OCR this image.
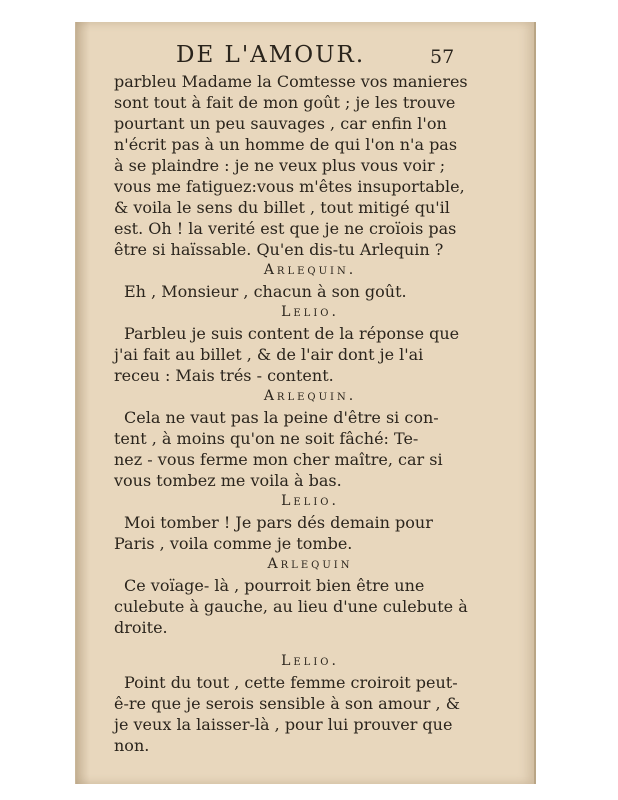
DE L'AMOUR.	57
parbleu Madame la Comtesse vos manieres
sont tout à fait de mon goût ; je les trouve
pourtant un peu sauvages , car enfin l'on
n'écrit pas à un homme de qui l'on n'a pas
à se plaindre : je ne veux plus vous voir ;
vous me fatiguez:vous m'êtes insuportable,
& voila le sens du billet , tout mitigé qu'il
est. Oh ! la verité est que je ne croïois pas
être si haïssable. Qu'en dis-tu Arlequin ?
Arlequin.
Eh , Monsieur , chacun à son goût.
Lelio.
Parbleu je suis content de la réponse que
j'ai fait au billet , & de l'air dont je l'ai
receu : Mais trés - content.
Arlequin.
Cela ne vaut pas la peine d'être si con-
tent , à moins qu'on ne soit fâché: Te-
nez - vous ferme mon cher maître, car si
vous tombez me voila à bas.
Lelio.
Moi tomber ! Je pars dés demain pour
Paris , voila comme je tombe.
Arlequin
Ce voïage- là , pourroit bien être une
culebute à gauche, au lieu d'une culebute à
droite.
Lelio.
Point du tout , cette femme croiroit peut-
ê-re que je serois sensible à son amour , &
je veux la laisser-là , pour lui prouver que
non.
